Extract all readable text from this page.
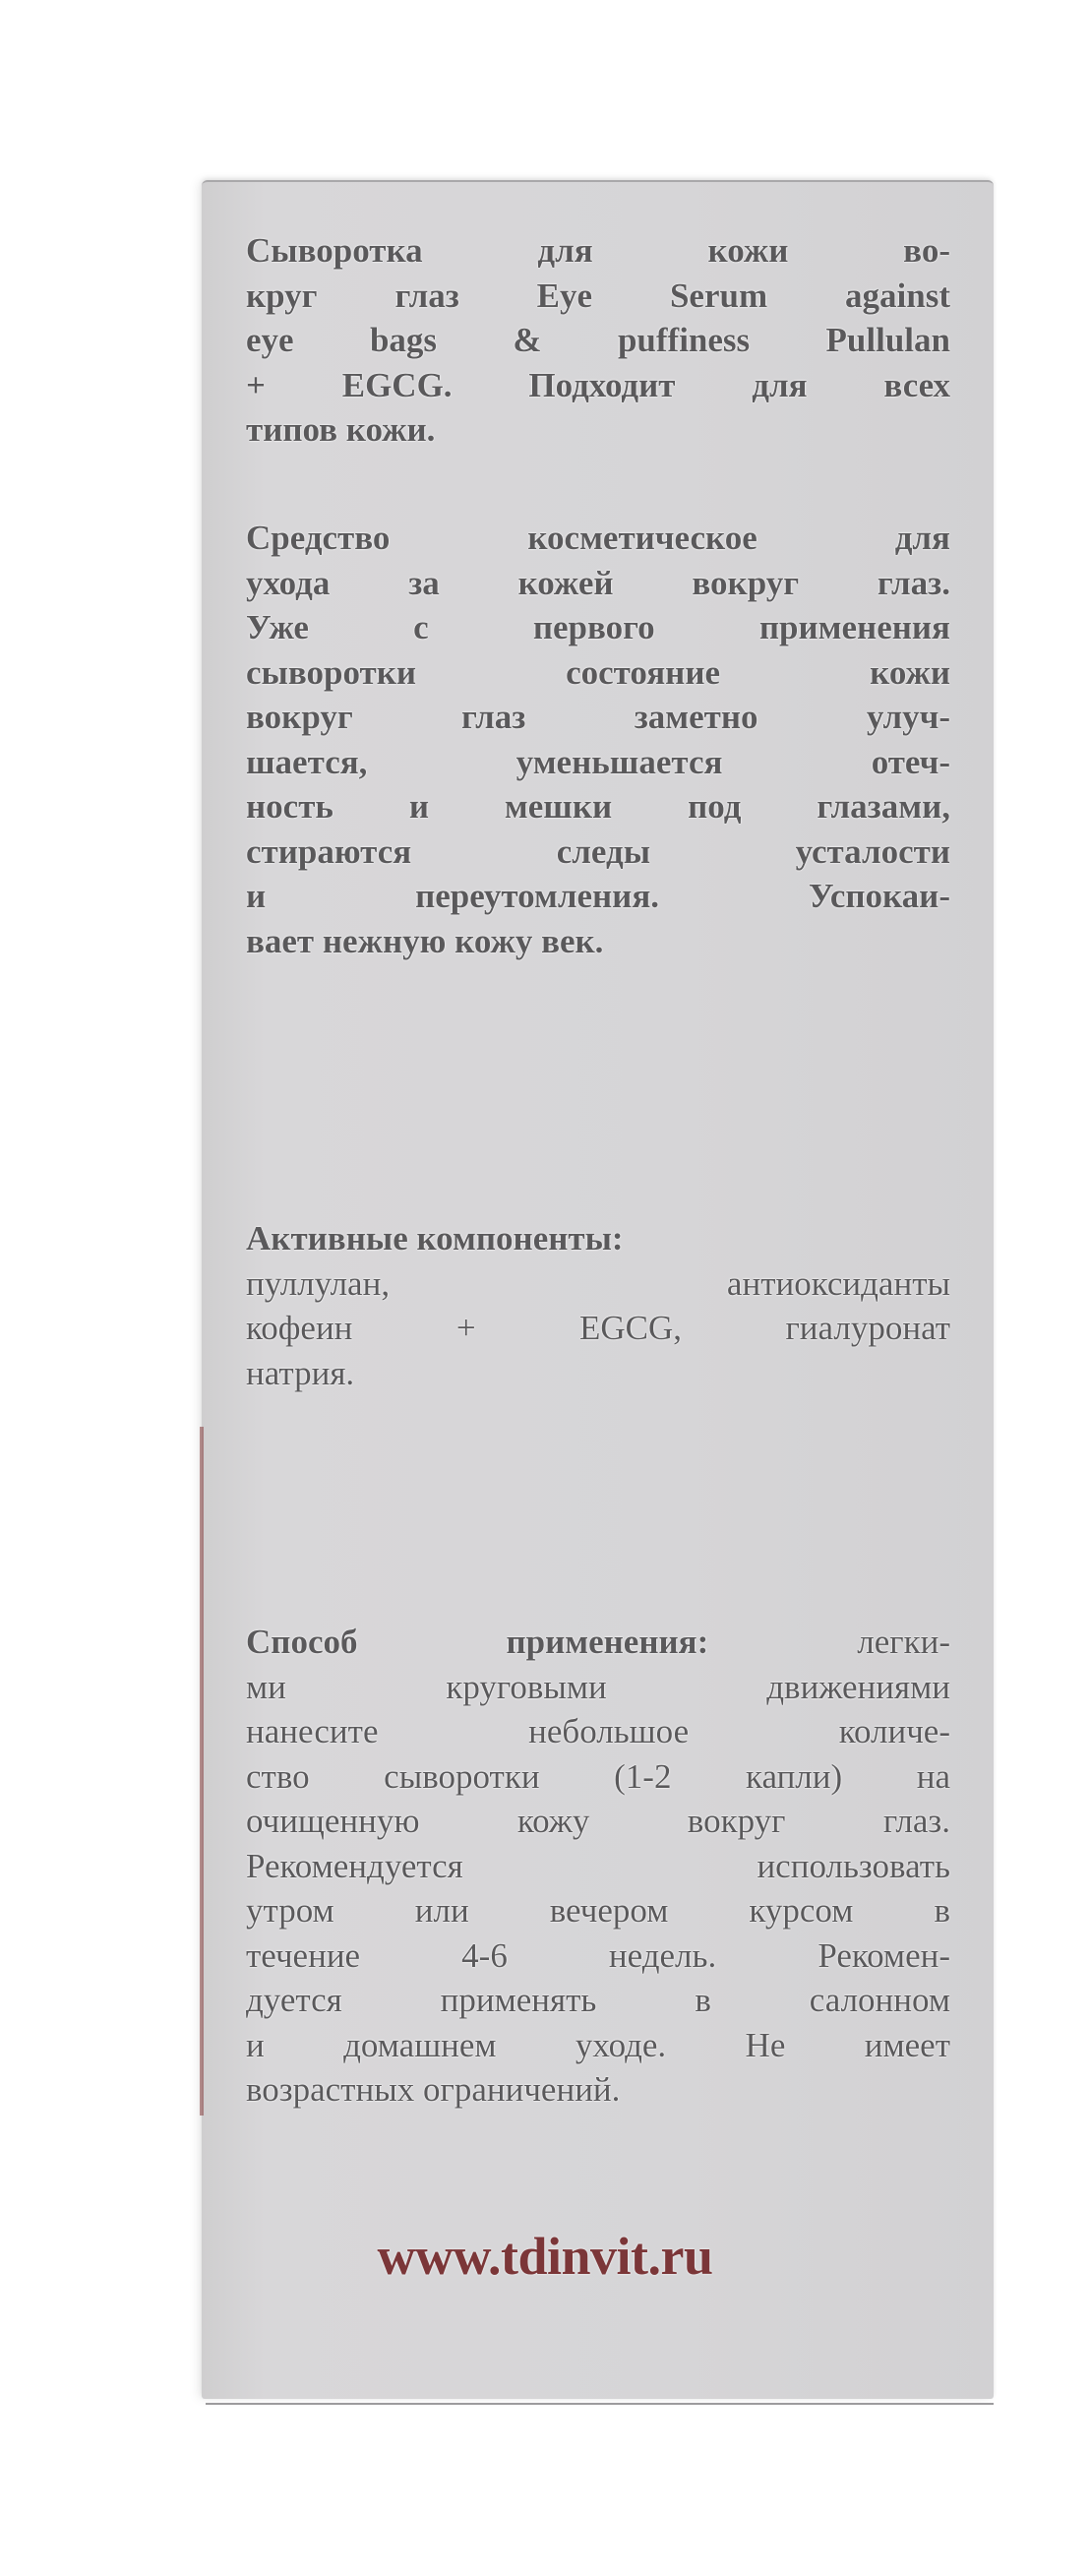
Сыворотка для кожи во-
круг глаз Eye Serum against
eye bags & puffiness Pullulan
+ EGCG. Подходит для всех
типов кожи.
Средство косметическое для
ухода за кожей вокруг глаз.
Уже с первого применения
сыворотки состояние кожи
вокруг глаз заметно улуч-
шается, уменьшается отеч-
ность и мешки под глазами,
стираются следы усталости
и переутомления. Успокаи-
вает нежную кожу век.
Активные компоненты:
пуллулан, антиоксиданты
кофеин + EGCG, гиалуронат
натрия.
Способ применения:	легки-
ми круговыми движениями
нанесите небольшое количе-
ство сыворотки (1-2 капли) на
очищенную кожу вокруг глаз.
Рекомендуется использовать
утром или вечером курсом в
течение 4-6 недель. Рекомен-
дуется применять в салонном
и домашнем уходе. Не имеет
возрастных ограничений.
www.tdinvit.ru
